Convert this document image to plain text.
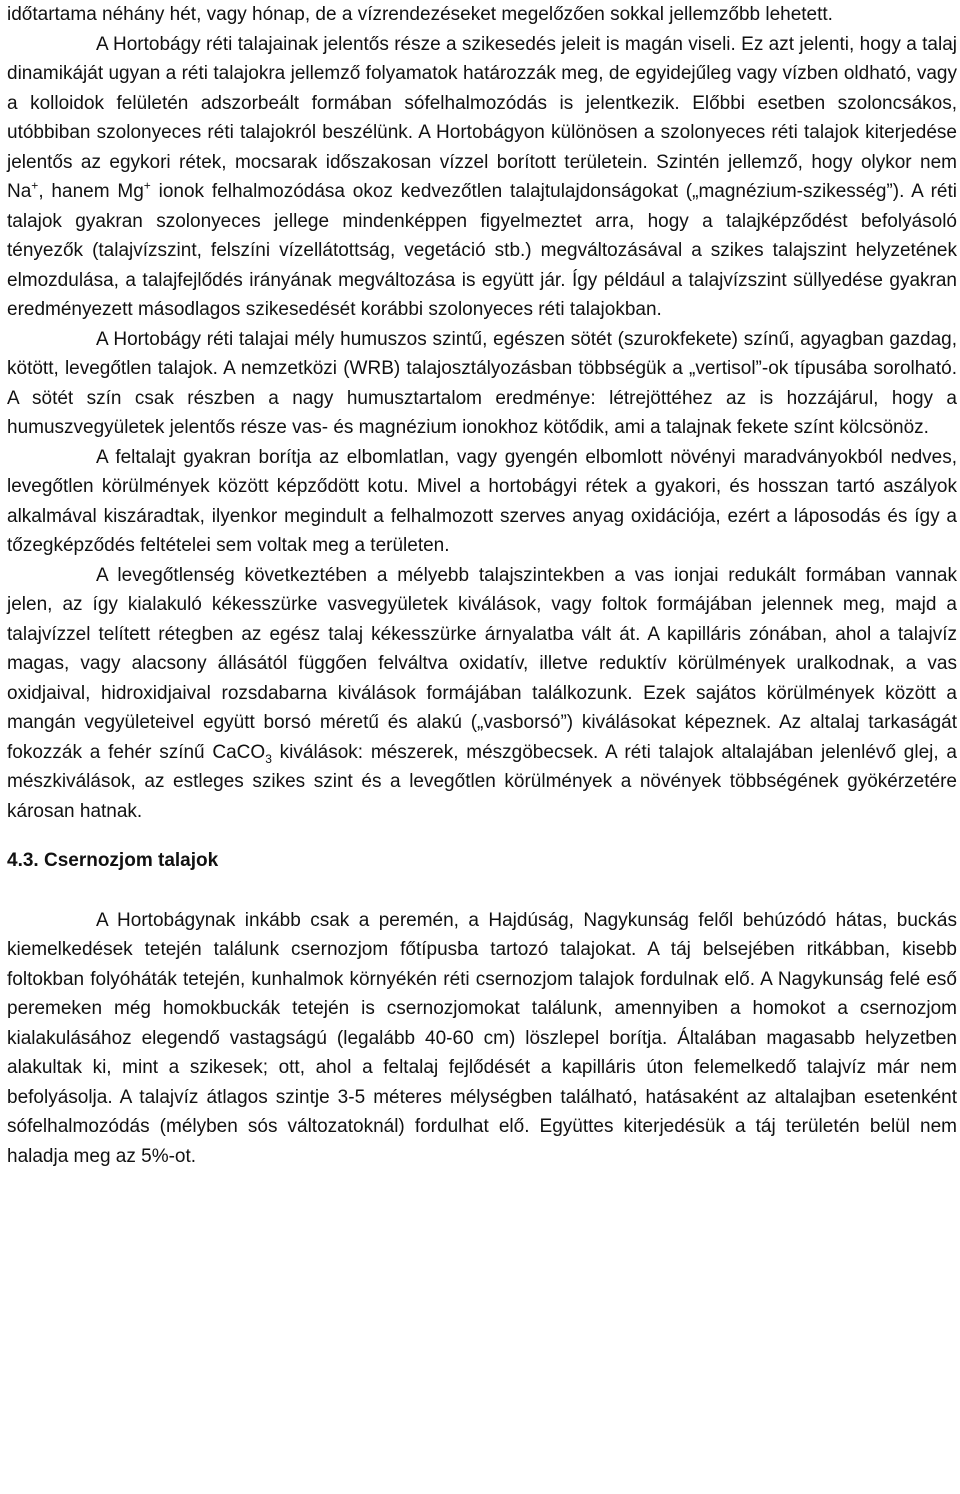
időtartama néhány hét, vagy hónap, de a vízrendezéseket megelőzően sokkal jellemzőbb lehetett.

A Hortobágy réti talajainak jelentős része a szikesedés jeleit is magán viseli. Ez azt jelenti, hogy a talaj dinamikáját ugyan a réti talajokra jellemző folyamatok határozzák meg, de egyidejűleg vagy vízben oldható, vagy a kolloidok felületén adszorbeált formában sófelhalmozódás is jelentkezik. Előbbi esetben szoloncsákos, utóbbiban szolonyeces réti talajokról beszélünk. A Hortobágyon különösen a szolonyeces réti talajok kiterjedése jelentős az egykori rétek, mocsarak időszakosan vízzel borított területein. Szintén jellemző, hogy olykor nem Na+, hanem Mg+ ionok felhalmozódása okoz kedvezőtlen talajtulajdonságokat („magnézium-szikesség”). A réti talajok gyakran szolonyeces jellege mindenképpen figyelmeztet arra, hogy a talajképződést befolyásoló tényezők (talajvízszint, felszíni vízellátottság, vegetáció stb.) megváltozásával a szikes talajszint helyzetének elmozdulása, a talajfejlődés irányának megváltozása is együtt jár. Így például a talajvízszint süllyedése gyakran eredményezett másodlagos szikesedését korábbi szolonyeces réti talajokban.

A Hortobágy réti talajai mély humuszos szintű, egészen sötét (szurokfekete) színű, agyagban gazdag, kötött, levegőtlen talajok. A nemzetközi (WRB) talajosztályozásban többségük a „vertisol”-ok típusába sorolható. A sötét szín csak részben a nagy humusztartalom eredménye: létrejöttéhez az is hozzájárul, hogy a humuszvegyületek jelentős része vas- és magnézium ionokhoz kötődik, ami a talajnak fekete színt kölcsönöz.

A feltalajt gyakran borítja az elbomlatlan, vagy gyengén elbomlott növényi maradványokból nedves, levegőtlen körülmények között képződött kotu. Mivel a hortobágyi rétek a gyakori, és hosszan tartó aszályok alkalmával kiszáradtak, ilyenkor megindult a felhalmozott szerves anyag oxidációja, ezért a láposodás és így a tőzegképződés feltételei sem voltak meg a területen.

A levegőtlenség következtében a mélyebb talajszintekben a vas ionjai redukált formában vannak jelen, az így kialakuló kékesszürke vasvegyületek kiválások, vagy foltok formájában jelennek meg, majd a talajvízzel telített rétegben az egész talaj kékesszürke árnyalatba vált át. A kapilláris zónában, ahol a talajvíz magas, vagy alacsony állásától függően felváltva oxidatív, illetve reduktív körülmények uralkodnak, a vas oxidjaival, hidroxidjaival rozsdabarna kiválások formájában találkozunk. Ezek sajátos körülmények között a mangán vegyületeivel együtt borsó méretű és alakú („vasborsó”) kiválásokat képeznek. Az altalaj tarkaságát fokozzák a fehér színű CaCO$_3$ kiválások: mészerek, mészgöbecsek. A réti talajok altalajában jelenlévő glej, a mészkiválások, az estleges szikes szint és a levegőtlen körülmények a növények többségének gyökérzetére károsan hatnak.

4.3. Csernozjom talajok

A Hortobágynak inkább csak a peremén, a Hajdúság, Nagykunság felől behúzódó hátas, buckás kiemelkedések tetején találunk csernozjom főtípusba tartozó talajokat. A táj belsejében ritkábban, kisebb foltokban folyóháták tetején, kunhalmok környékén réti csernozjom talajok fordulnak elő. A Nagykunság felé eső peremeken még homokbuckák tetején is csernozjomokat találunk, amennyiben a homokot a csernozjom kialakulásához elegendő vastagságú (legalább 40-60 cm) löszlepel borítja. Általában magasabb helyzetben alakultak ki, mint a szikesek; ott, ahol a feltalaj fejlődését a kapilláris úton felemelkedő talajvíz már nem befolyásolja. A talajvíz átlagos szintje 3-5 méteres mélységben található, hatásaként az altalajban esetenként sófelhalmozódás (mélyben sós változatoknál) fordulhat elő. Együttes kiterjedésük a táj területén belül nem haladja meg az 5%-ot.
